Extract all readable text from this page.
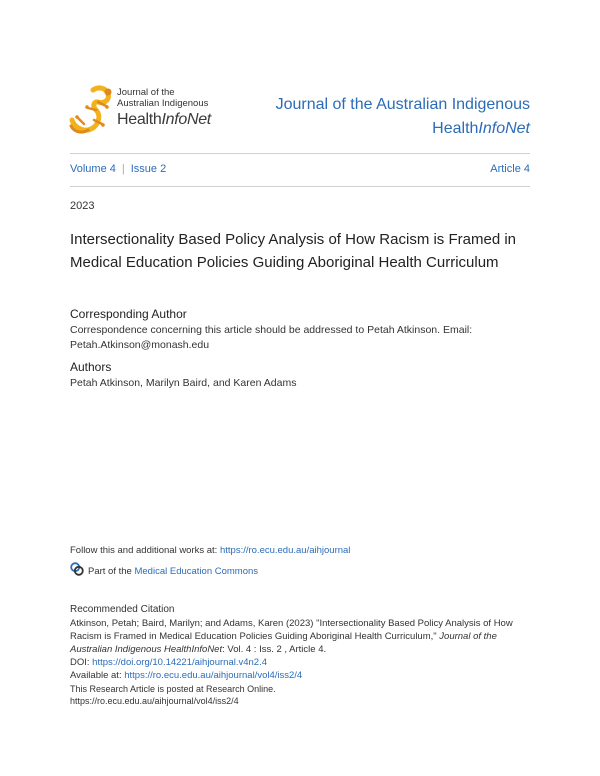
Journal of the
Australian Indigenous
HealthInfoNet
Journal of the Australian Indigenous
HealthInfoNet
Volume 4 | Issue 2	Article 4
2023
Intersectionality Based Policy Analysis of How Racism is Framed in Medical Education Policies Guiding Aboriginal Health Curriculum
Corresponding Author
Correspondence concerning this article should be addressed to Petah Atkinson. Email: Petah.Atkinson@monash.edu
Authors
Petah Atkinson, Marilyn Baird, and Karen Adams
Follow this and additional works at: https://ro.ecu.edu.au/aihjournal
Part of the Medical Education Commons
Recommended Citation
Atkinson, Petah; Baird, Marilyn; and Adams, Karen (2023) "Intersectionality Based Policy Analysis of How
Racism is Framed in Medical Education Policies Guiding Aboriginal Health Curriculum," Journal of the
Australian Indigenous HealthInfoNet: Vol. 4 : Iss. 2 , Article 4.
DOI: https://doi.org/10.14221/aihjournal.v4n2.4
Available at: https://ro.ecu.edu.au/aihjournal/vol4/iss2/4
This Research Article is posted at Research Online.
https://ro.ecu.edu.au/aihjournal/vol4/iss2/4
